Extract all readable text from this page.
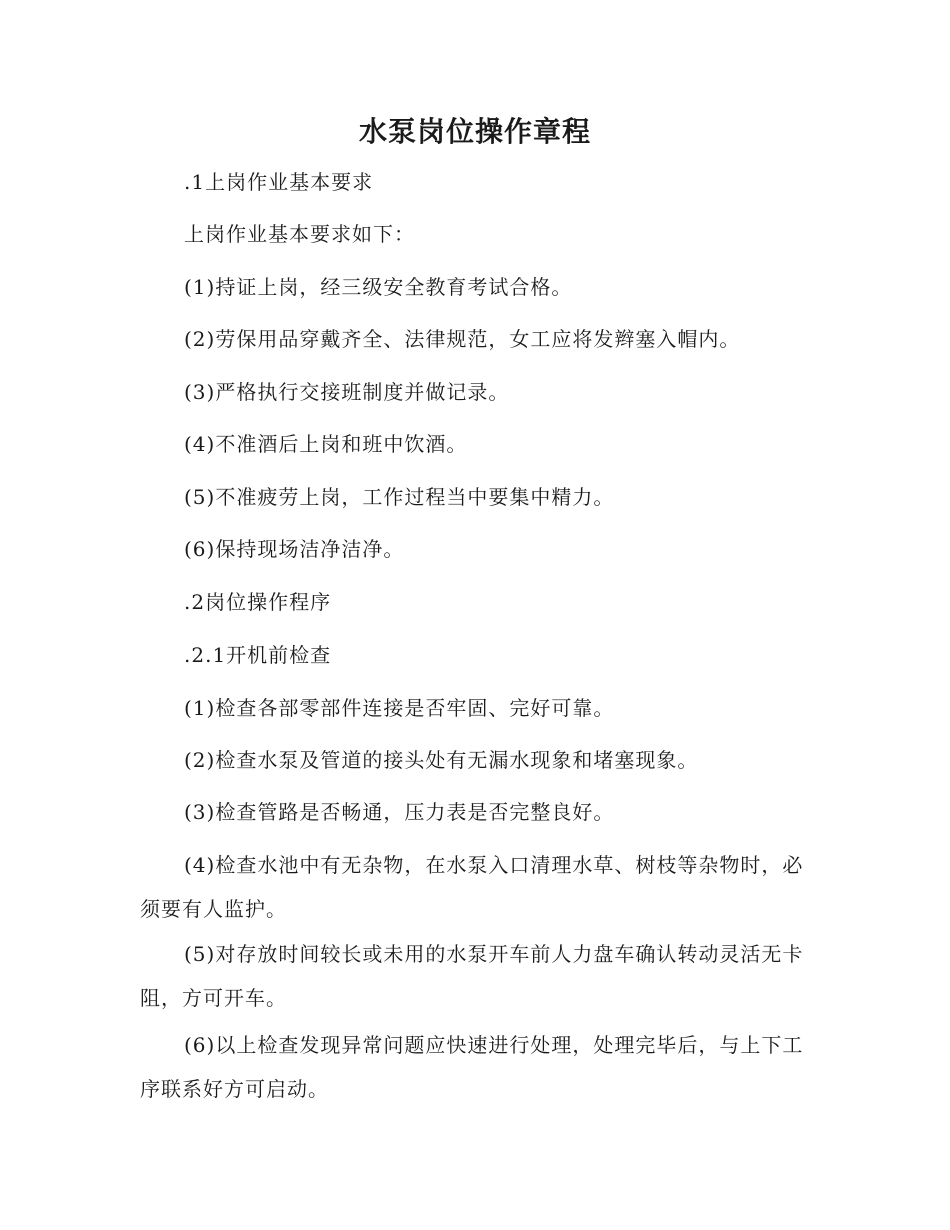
水泵岗位操作章程
.1上岗作业基本要求
上岗作业基本要求如下：
(1)持证上岗，经三级安全教育考试合格。
(2)劳保用品穿戴齐全、法律规范，女工应将发辫塞入帽内。
(3)严格执行交接班制度并做记录。
(4)不准酒后上岗和班中饮酒。
(5)不准疲劳上岗，工作过程当中要集中精力。
(6)保持现场洁净洁净。
.2岗位操作程序
.2.1开机前检查
(1)检查各部零部件连接是否牢固、完好可靠。
(2)检查水泵及管道的接头处有无漏水现象和堵塞现象。
(3)检查管路是否畅通，压力表是否完整良好。
(4)检查水池中有无杂物，在水泵入口清理水草、树枝等杂物时，必须要有人监护。
(5)对存放时间较长或未用的水泵开车前人力盘车确认转动灵活无卡阻，方可开车。
(6)以上检查发现异常问题应快速进行处理，处理完毕后，与上下工序联系好方可启动。
